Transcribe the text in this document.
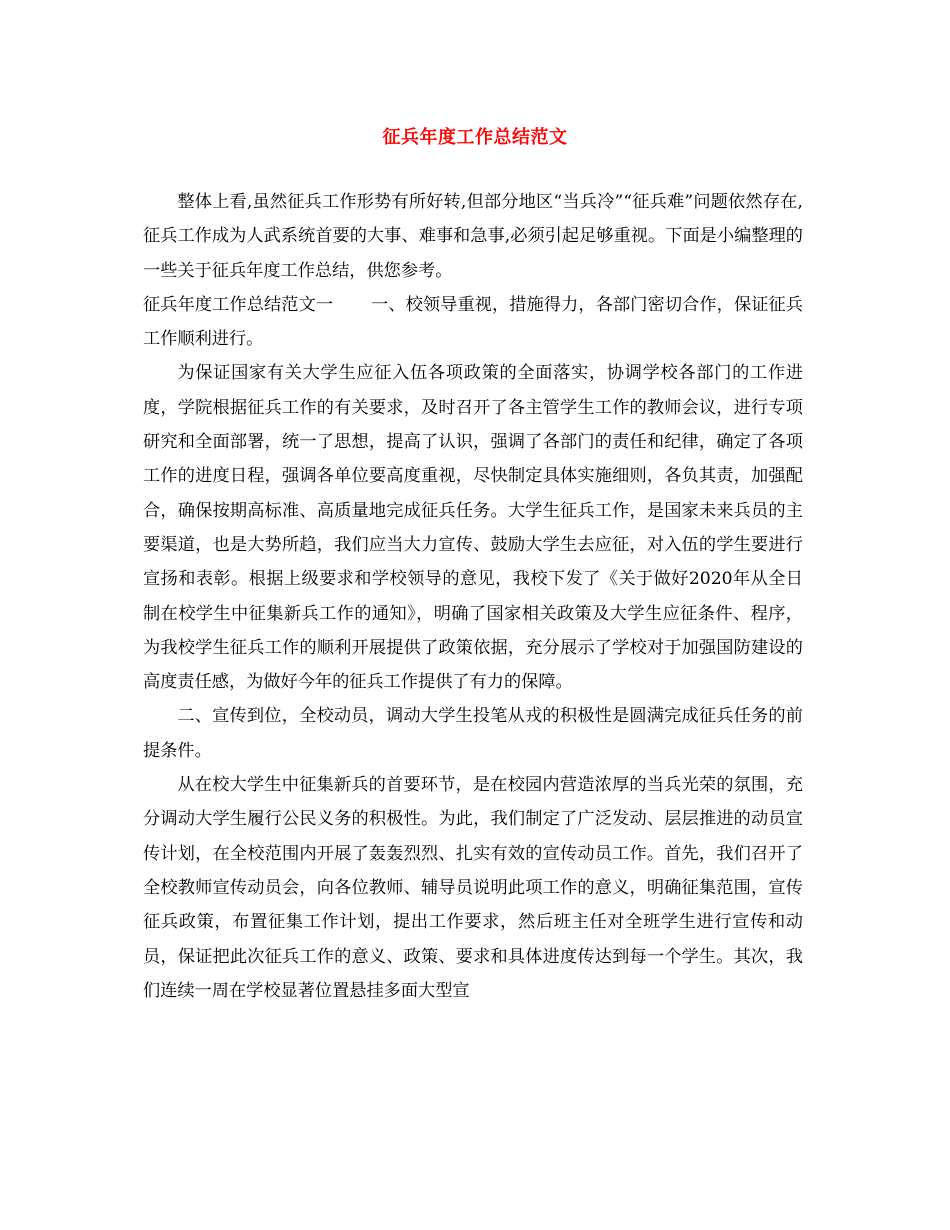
征兵年度工作总结范文

整体上看,虽然征兵工作形势有所好转,但部分地区“当兵冷”“征兵难”问题依然存在,征兵工作成为人武系统首要的大事、难事和急事,必须引起足够重视。下面是小编整理的一些关于征兵年度工作总结，供您参考。

征兵年度工作总结范文一 一、校领导重视，措施得力，各部门密切合作，保证征兵工作顺利进行。

为保证国家有关大学生应征入伍各项政策的全面落实，协调学校各部门的工作进度，学院根据征兵工作的有关要求，及时召开了各主管学生工作的教师会议，进行专项研究和全面部署，统一了思想，提高了认识，强调了各部门的责任和纪律，确定了各项工作的进度日程，强调各单位要高度重视，尽快制定具体实施细则，各负其责，加强配合，确保按期高标准、高质量地完成征兵任务。大学生征兵工作，是国家未来兵员的主要渠道，也是大势所趋，我们应当大力宣传、鼓励大学生去应征，对入伍的学生要进行宣扬和表彰。根据上级要求和学校领导的意见，我校下发了《关于做好2020年从全日制在校学生中征集新兵工作的通知》，明确了国家相关政策及大学生应征条件、程序，为我校学生征兵工作的顺利开展提供了政策依据，充分展示了学校对于加强国防建设的高度责任感，为做好今年的征兵工作提供了有力的保障。

二、宣传到位，全校动员，调动大学生投笔从戎的积极性是圆满完成征兵任务的前提条件。

从在校大学生中征集新兵的首要环节，是在校园内营造浓厚的当兵光荣的氛围，充分调动大学生履行公民义务的积极性。为此，我们制定了广泛发动、层层推进的动员宣传计划，在全校范围内开展了轰轰烈烈、扎实有效的宣传动员工作。首先，我们召开了全校教师宣传动员会，向各位教师、辅导员说明此项工作的意义，明确征集范围，宣传征兵政策，布置征集工作计划，提出工作要求，然后班主任对全班学生进行宣传和动员，保证把此次征兵工作的意义、政策、要求和具体进度传达到每一个学生。其次，我们连续一周在学校显著位置悬挂多面大型宣
